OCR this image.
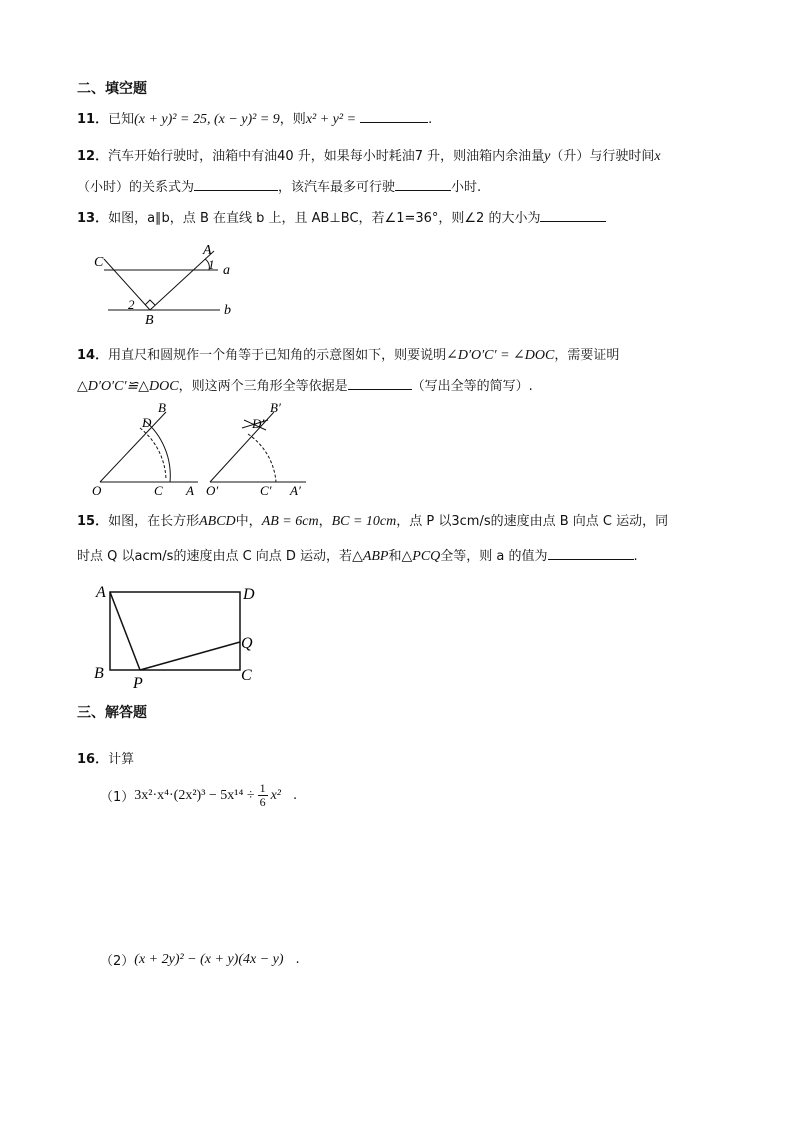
二、填空题
11．已知(x + y)² = 25, (x − y)² = 9，则x² + y² =	.
12．汽车开始行驶时，油箱中有油40 升，如果每小时耗油7 升，则油箱内余油量y（升）与行驶时间x
（小时）的关系式为	，该汽车最多可行驶	小时.
13．如图，a∥b，点 B 在直线 b 上，且 AB⊥BC，若∠1=36°，则∠2 的大小为
C
A
1 a
2
B
b
14．用直尺和圆规作一个角等于已知角的示意图如下，则要说明∠D′O′C′ = ∠DOC，需要证明
△D′O′C′≌△DOC，则这两个三角形全等依据是	（写出全等的简写）.
B
D
O	C A
B′
D′
O′	C′ A′
15．如图，在长方形ABCD中，AB = 6cm，BC = 10cm，点 P 以3cm/s的速度由点 B 向点 C 运动，同
时点 Q 以acm/s的速度由点 C 向点 D 运动，若△ABP和△PCQ全等，则 a 的值为	.
A	D
Q
B
P	C
三、解答题
16．计算
（1） $3x^2\cdot x^4\cdot(2x^2)^3 - 5x^{14} \div \frac{1}{6} x^2$ .
（2） (x + 2y)² − (x + y)(4x − y) .
